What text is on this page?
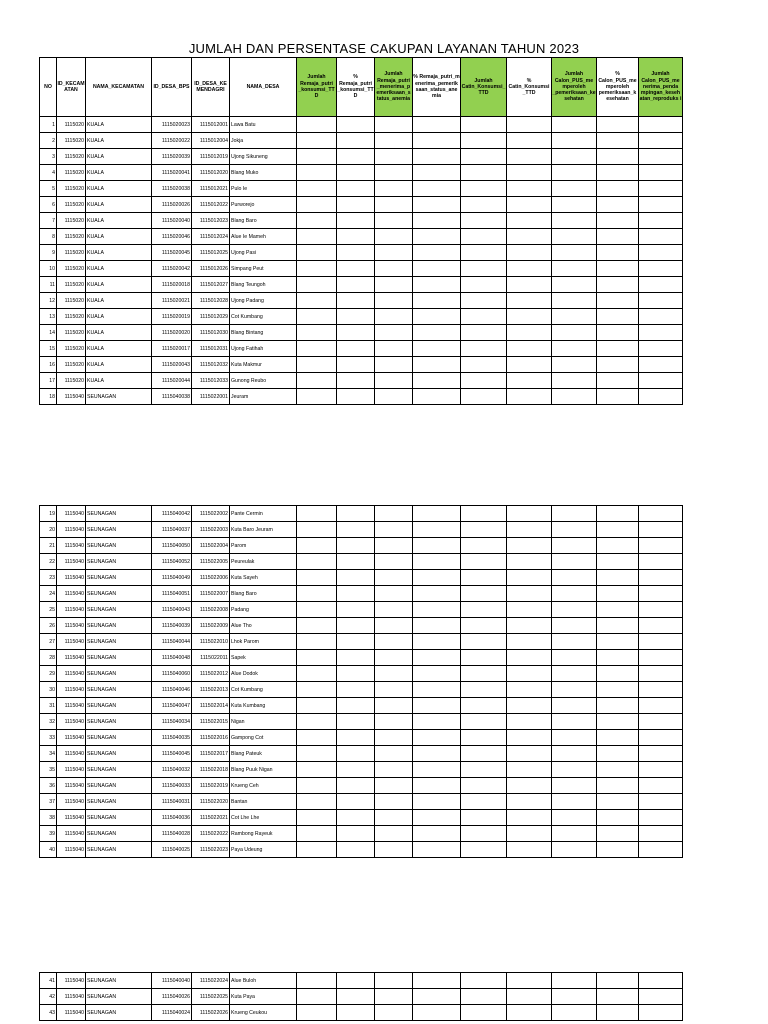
JUMLAH DAN PERSENTASE CAKUPAN LAYANAN TAHUN 2023
NO	ID_KECAM ATAN	NAMA_KECAMATAN	ID_DESA_BPS	ID_DESA_KE MENDAGRI	NAMA_DESA	Jumlah Remaja_putri _konsumsi_TT D	% Remaja_putri _konsumsi_TT D	Jumlah Remaja_putri _menerima_p emeriksaan_s tatus_anemia	% Remaja_putri_m enerima_pemerik saan_status_ane mia	Jumlah Catin_Konsumsi_ TTD	% Catin_Konsumsi _TTD	Jumlah Calon_PUS_me mperoleh _pemeriksaan_ke sehatan	% Calon_PUS_me mperoleh pemeriksaan_k esehatan	Jumlah Calon_PUS_me nerima_pendа mpingan_keseh atan_reproduks i
1	1115020	KUALA	1115020023	1115012001	Lawa Batu									
2	1115020	KUALA	1115020022	1115012004	Jokja									
3	1115020	KUALA	1115020039	1115012019	Ujong Sikuneng									
4	1115020	KUALA	1115020041	1115012020	Blang Muko									
5	1115020	KUALA	1115020038	1115012021	Pulo Ie									
6	1115020	KUALA	1115020026	1115012022	Purworejo									
7	1115020	KUALA	1115020040	1115012023	Blang Baro									
8	1115020	KUALA	1115020046	1115012024	Alue Ie Mameh									
9	1115020	KUALA	1115020045	1115012025	Ujong Pasi									
10	1115020	KUALA	1115020042	1115012026	Simpang Peut									
11	1115020	KUALA	1115020018	1115012027	Blang Teungoh									
12	1115020	KUALA	1115020021	1115012028	Ujong Padang									
13	1115020	KUALA	1115020019	1115012029	Cot Kumbang									
14	1115020	KUALA	1115020020	1115012030	Blang Bintang									
15	1115020	KUALA	1115020017	1115012031	Ujong Fatihah									
16	1115020	KUALA	1115020043	1115012032	Kuta Makmur									
17	1115020	KUALA	1115020044	1115012033	Gunong Reubo									
18	1115040	SEUNAGAN	1115040038	1115022001	Jeuram									
19	1115040	SEUNAGAN	1115040042	1115022002	Pante Cermin									
20	1115040	SEUNAGAN	1115040037	1115022003	Kuta Baro Jeuram									
21	1115040	SEUNAGAN	1115040050	1115022004	Parom									
22	1115040	SEUNAGAN	1115040052	1115022005	Peureulak									
23	1115040	SEUNAGAN	1115040049	1115022006	Kuta Sayeh									
24	1115040	SEUNAGAN	1115040051	1115022007	Blang Baro									
25	1115040	SEUNAGAN	1115040043	1115022008	Padang									
26	1115040	SEUNAGAN	1115040039	1115022009	Alue Tho									
27	1115040	SEUNAGAN	1115040044	1115022010	Lhok Parom									
28	1115040	SEUNAGAN	1115040048	1115022011	Sapek									
29	1115040	SEUNAGAN	1115040060	1115022012	Alue Dodok									
30	1115040	SEUNAGAN	1115040046	1115022013	Cot Kumbang									
31	1115040	SEUNAGAN	1115040047	1115022014	Kuta Kumbang									
32	1115040	SEUNAGAN	1115040034	1115022015	Nigan									
33	1115040	SEUNAGAN	1115040035	1115022016	Gampong Cot									
34	1115040	SEUNAGAN	1115040045	1115022017	Blang Pateuk									
35	1115040	SEUNAGAN	1115040032	1115022018	Blang Puuk Nigan									
36	1115040	SEUNAGAN	1115040033	1115022019	Krueng Ceh									
37	1115040	SEUNAGAN	1115040031	1115022020	Bantan									
38	1115040	SEUNAGAN	1115040036	1115022021	Cot Lhe Lhe									
39	1115040	SEUNAGAN	1115040028	1115022022	Rambong Rayeuk									
40	1115040	SEUNAGAN	1115040025	1115022023	Paya Udeung									
41	1115040	SEUNAGAN	1115040040	1115022024	Alue Buloh									
42	1115040	SEUNAGAN	1115040026	1115022025	Kuta Paya									
43	1115040	SEUNAGAN	1115040024	1115022026	Krueng Ceukou									
